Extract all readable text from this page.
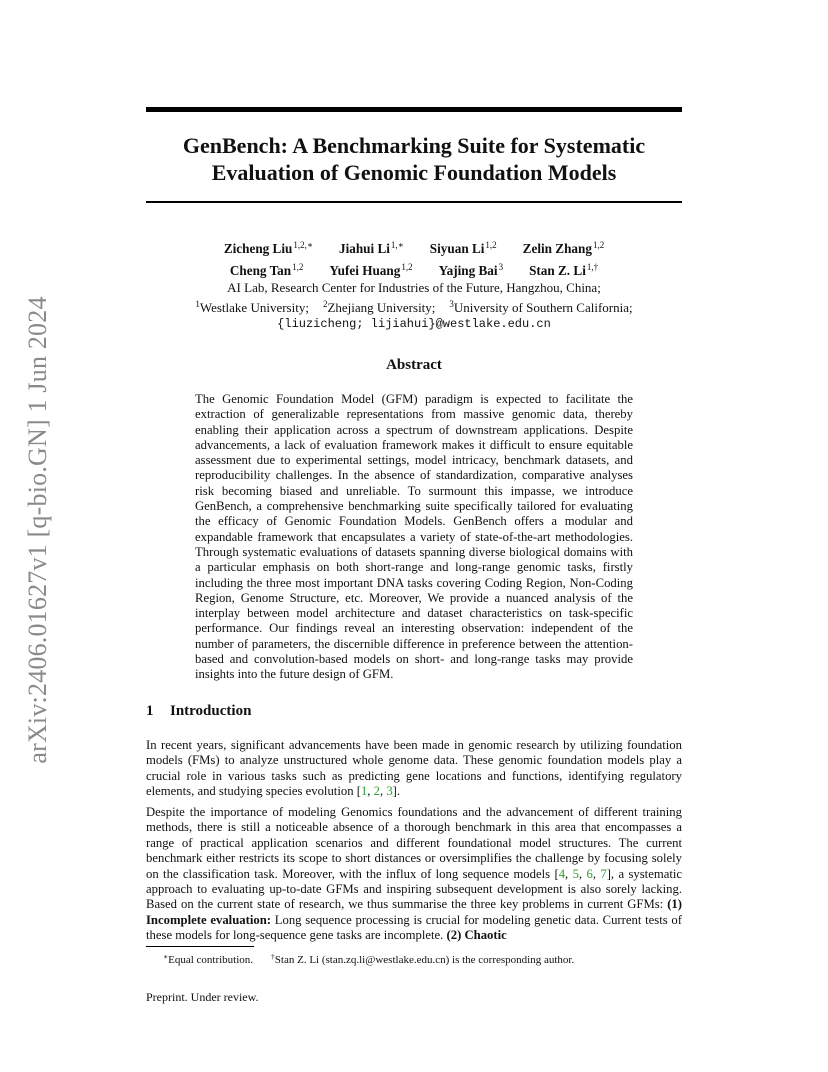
arXiv:2406.01627v1 [q-bio.GN] 1 Jun 2024
GenBench: A Benchmarking Suite for Systematic
Evaluation of Genomic Foundation Models
Zicheng Liu$^{1,2,∗}$ Jiahui $Li^{1,∗}$ Siyuan Li$^{1,2}$ Zelin Zhang$^{1,2}$
Cheng Tan$^{1,2}$ Yufei Huang$^{1,2}$ Yajing Bai$^3$ Stan Z. $Li^{1,\dagger}$
AI Lab, Research Center for Industries of the Future, Hangzhou, China;
$^1$Westlake University; $^2$Zhejiang University; $^3$University of Southern California;
{liuzicheng; lijiahui}@westlake.edu.cn
Abstract

The Genomic Foundation Model (GFM) paradigm is expected to facilitate the extraction of generalizable representations from massive genomic data, thereby enabling their application across a spectrum of downstream applications. Despite advancements, a lack of evaluation framework makes it difficult to ensure equitable assessment due to experimental settings, model intricacy, benchmark datasets, and reproducibility challenges. In the absence of standardization, comparative analyses risk becoming biased and unreliable. To surmount this impasse, we introduce GenBench, a comprehensive benchmarking suite specifically tailored for evaluating the efficacy of Genomic Foundation Models. GenBench offers a modular and expandable framework that encapsulates a variety of state-of-the-art methodologies. Through systematic evaluations of datasets spanning diverse biological domains with a particular emphasis on both short-range and long-range genomic tasks, firstly including the three most important DNA tasks covering Coding Region, Non-Coding Region, Genome Structure, etc. Moreover, We provide a nuanced analysis of the interplay between model architecture and dataset characteristics on task-specific performance. Our findings reveal an interesting observation: independent of the number of parameters, the discernible difference in preference between the attention-based and convolution-based models on short- and long-range tasks may provide insights into the future design of GFM.

1 Introduction

In recent years, significant advancements have been made in genomic research by utilizing foundation models (FMs) to analyze unstructured whole genome data. These genomic foundation models play a crucial role in various tasks such as predicting gene locations and functions, identifying regulatory elements, and studying species evolution [1, 2, 3].

Despite the importance of modeling Genomics foundations and the advancement of different training methods, there is still a noticeable absence of a thorough benchmark in this area that encompasses a range of practical application scenarios and different foundational model structures. The current benchmark either restricts its scope to short distances or oversimplifies the challenge by focusing solely on the classification task. Moreover, with the influx of long sequence models [4, 5, 6, 7], a systematic approach to evaluating up-to-date GFMs and inspiring subsequent development is also sorely lacking. Based on the current state of research, we thus summarise the three key problems in current GFMs: (1) Incomplete evaluation: Long sequence processing is crucial for modeling genetic data. Current tests of these models for long-sequence gene tasks are incomplete. (2) Chaotic

∗Equal contribution. †Stan Z. Li (stan.zq.li@westlake.edu.cn) is the corresponding author.
Preprint. Under review.
